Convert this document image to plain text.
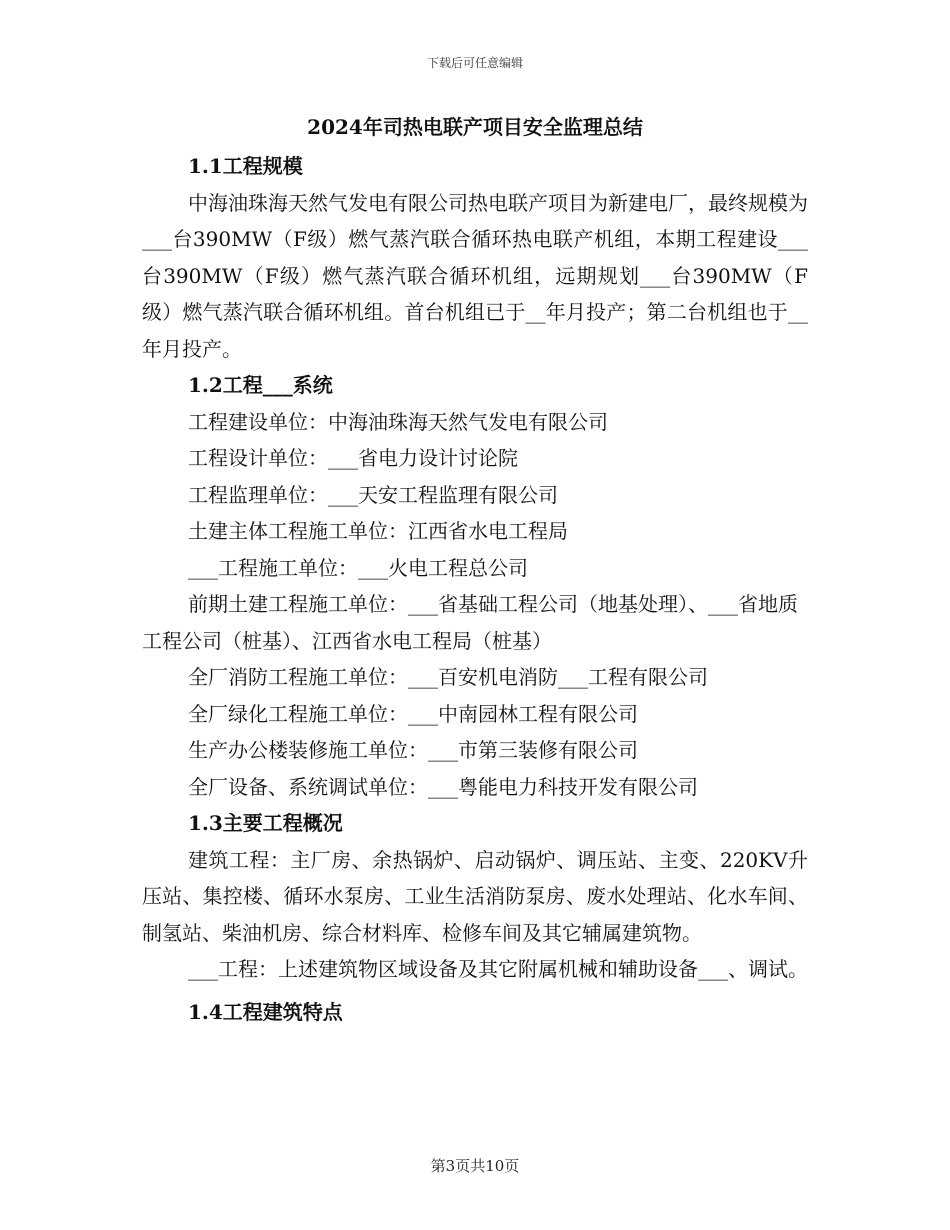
下载后可任意编辑
2024年司热电联产项目安全监理总结
1.1工程规模

中海油珠海天然气发电有限公司热电联产项目为新建电厂，最终规模为___台390MW（F级）燃气蒸汽联合循环热电联产机组，本期工程建设___台390MW（F级）燃气蒸汽联合循环机组，远期规划___台390MW（F级）燃气蒸汽联合循环机组。首台机组已于__年月投产；第二台机组也于__年月投产。

1.2工程___系统
工程建设单位：中海油珠海天然气发电有限公司
工程设计单位：___省电力设计讨论院
工程监理单位：___天安工程监理有限公司
土建主体工程施工单位：江西省水电工程局
___工程施工单位：___火电工程总公司
前期土建工程施工单位：___省基础工程公司（地基处理）、___省地质工程公司（桩基）、江西省水电工程局（桩基）
全厂消防工程施工单位：___百安机电消防___工程有限公司
全厂绿化工程施工单位：___中南园林工程有限公司
生产办公楼装修施工单位：___市第三装修有限公司
全厂设备、系统调试单位：___粤能电力科技开发有限公司
1.3主要工程概况

建筑工程：主厂房、余热锅炉、启动锅炉、调压站、主变、220KV升压站、集控楼、循环水泵房、工业生活消防泵房、废水处理站、化水车间、制氢站、柴油机房、综合材料库、检修车间及其它辅属建筑物。

___工程：上述建筑物区域设备及其它附属机械和辅助设备___、调试。

1.4工程建筑特点
第3页共10页
